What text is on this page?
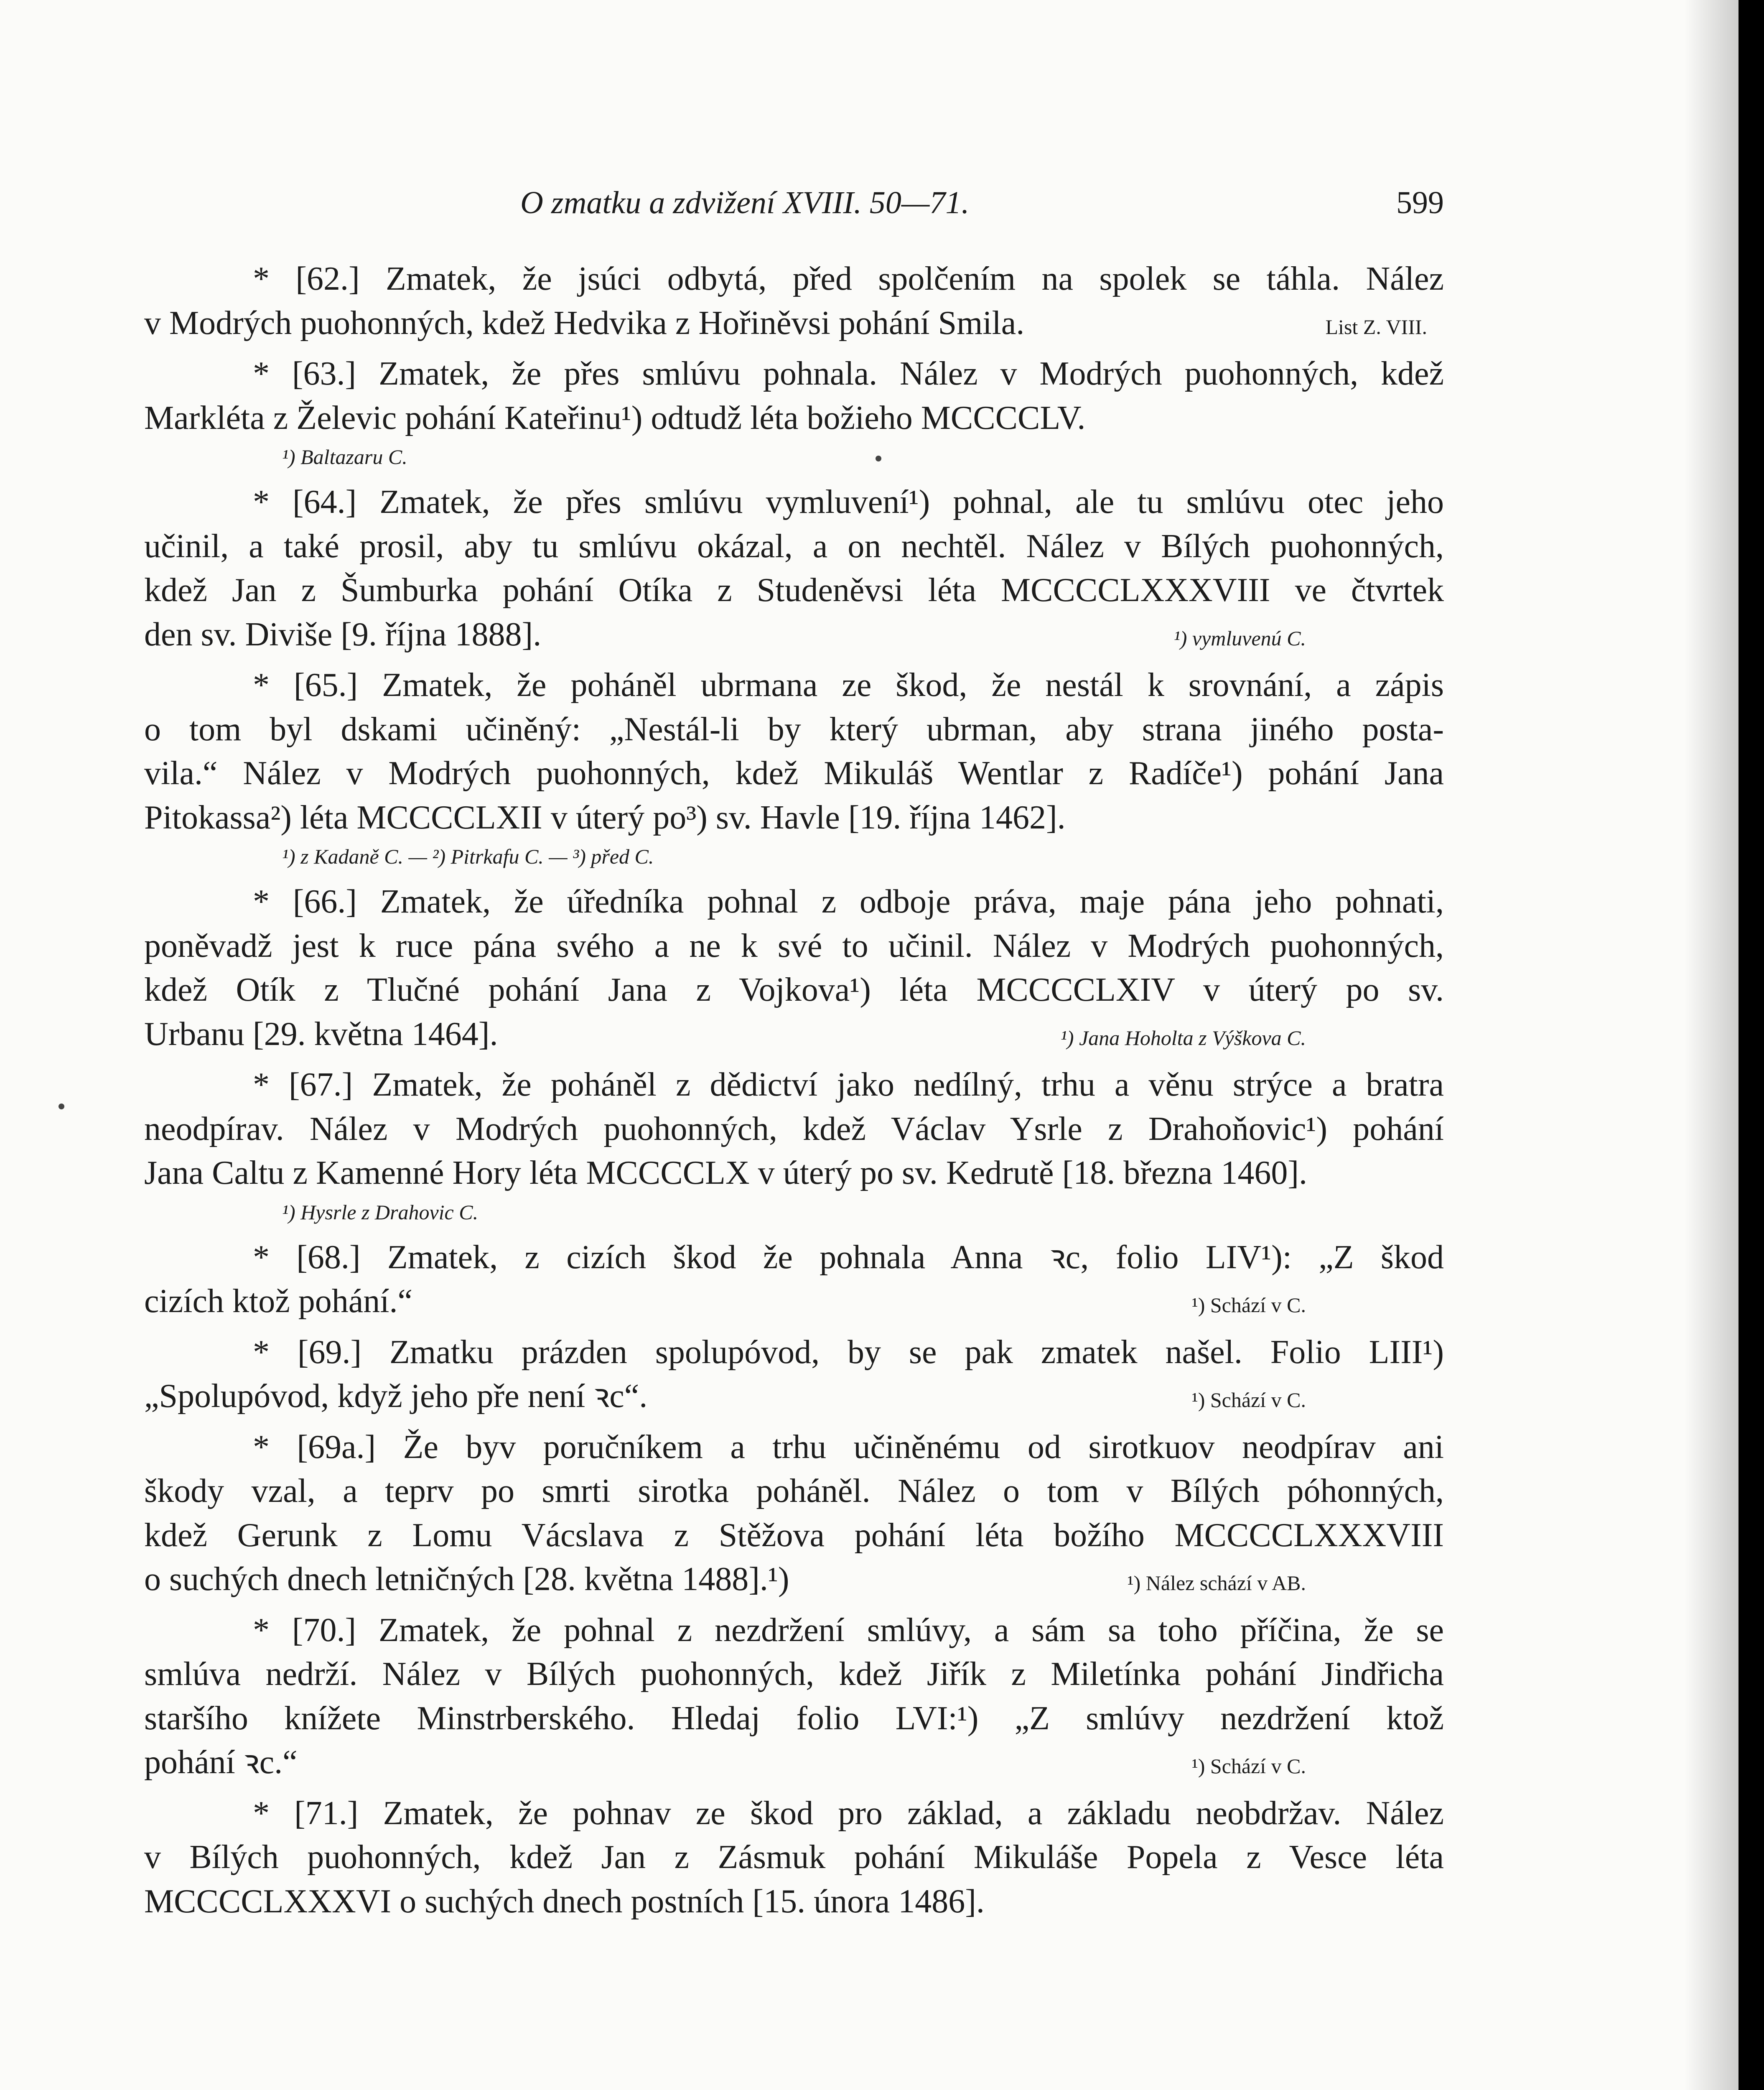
O zmatku a zdvižení XVIII. 50—71.	599
* [62.] Zmatek, že jsúci odbytá, před spolčením na spolek se táhla. Nález
v Modrých puohonných, kdež Hedvika z Hořiněvsi pohání Smila.	List Z. VIII.
* [63.] Zmatek, že přes smlúvu pohnala. Nález v Modrých puohonných, kdež
Markléta z Želevic pohání Kateřinu¹) odtudž léta božieho MCCCCLV.
¹) Baltazaru C.
* [64.] Zmatek, že přes smlúvu vymluvení¹) pohnal, ale tu smlúvu otec jeho
učinil, a také prosil, aby tu smlúvu okázal, a on nechtěl. Nález v Bílých puohonných,
kdež Jan z Šumburka pohání Otíka z Studeněvsi léta MCCCCLXXXVIII ve čtvrtek
den sv. Diviše [9. října 1888].	¹) vymluvenú C.
* [65.] Zmatek, že poháněl ubrmana ze škod, že nestál k srovnání, a zápis
o tom byl dskami učiněný: „Nestál-li by který ubrman, aby strana jiného posta-
vila.“ Nález v Modrých puohonných, kdež Mikuláš Wentlar z Radíče¹) pohání Jana
Pitokassa²) léta MCCCCLXII v úterý po³) sv. Havle [19. října 1462].
¹) z Kadaně C. — ²) Pitrkafu C. — ³) před C.
* [66.] Zmatek, že úředníka pohnal z odboje práva, maje pána jeho pohnati,
poněvadž jest k ruce pána svého a ne k své to učinil. Nález v Modrých puohonných,
kdež Otík z Tlučné pohání Jana z Vojkova¹) léta MCCCCLXIV v úterý po sv.
Urbanu [29. května 1464].	¹) Jana Hoholta z Výškova C.
* [67.] Zmatek, že poháněl z dědictví jako nedílný, trhu a věnu strýce a bratra
neodpírav. Nález v Modrých puohonných, kdež Václav Ysrle z Drahoňovic¹) pohání
Jana Caltu z Kamenné Hory léta MCCCCLX v úterý po sv. Kedrutě [18. března 1460].
¹) Hysrle z Drahovic C.
* [68.] Zmatek, z cizích škod že pohnala Anna ꝛc, folio LIV¹): „Z škod
cizích ktož pohání.“	¹) Schází v C.
* [69.] Zmatku prázden spolupóvod, by se pak zmatek našel. Folio LIII¹)
„Spolupóvod, když jeho pře není ꝛc“.	¹) Schází v C.
* [69a.] Že byv poručníkem a trhu učiněnému od sirotkuov neodpírav ani
škody vzal, a teprv po smrti sirotka poháněl. Nález o tom v Bílých póhonných,
kdež Gerunk z Lomu Vácslava z Stěžova pohání léta božího MCCCCLXXXVIII
o suchých dnech letničných [28. května 1488].¹)	¹) Nález schází v AB.
* [70.] Zmatek, že pohnal z nezdržení smlúvy, a sám sa toho příčina, že se
smlúva nedrží. Nález v Bílých puohonných, kdež Jiřík z Miletínka pohání Jindřicha
staršího knížete Minstrberského. Hledaj folio LVI:¹) „Z smlúvy nezdržení ktož
pohání ꝛc.“	¹) Schází v C.
* [71.] Zmatek, že pohnav ze škod pro základ, a základu neobdržav. Nález
v Bílých puohonných, kdež Jan z Zásmuk pohání Mikuláše Popela z Vesce léta
MCCCCLXXXVI o suchých dnech postních [15. února 1486].
